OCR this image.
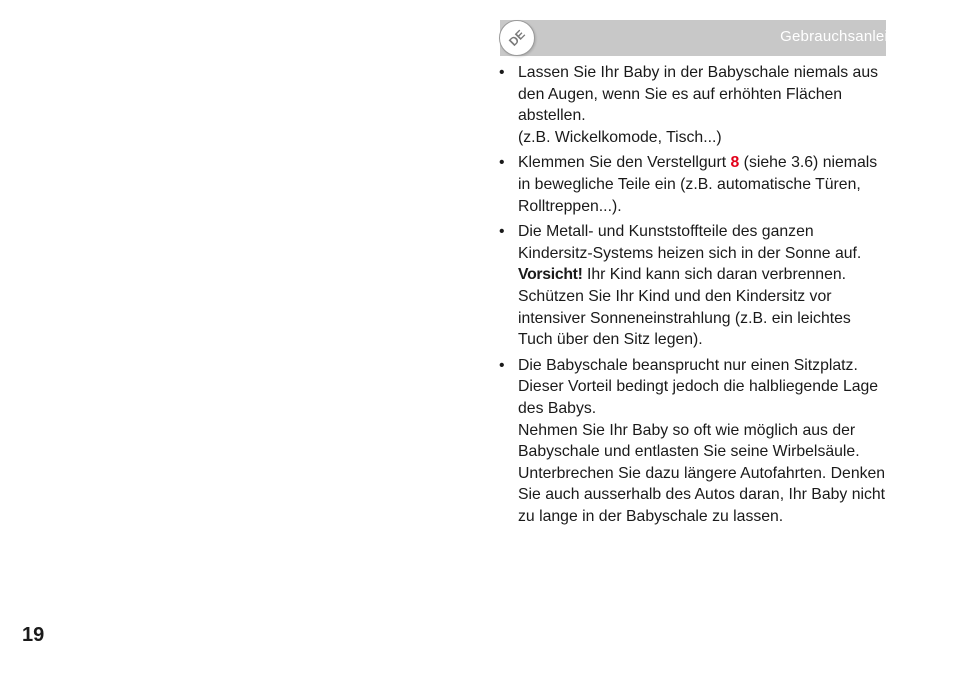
DE	Gebrauchsanleitung
• Lassen Sie Ihr Baby in der Babyschale niemals aus den Augen, wenn Sie es auf erhöhten Flächen abstellen.
(z.B. Wickelkomode, Tisch...)
• Klemmen Sie den Verstellgurt 8 (siehe 3.6) niemals in bewegliche Teile ein (z.B. automatische Türen, Rolltreppen...).
• Die Metall- und Kunststoffteile des ganzen Kindersitz-Systems heizen sich in der Sonne auf. Vorsicht! Ihr Kind kann sich daran verbrennen. Schützen Sie Ihr Kind und den Kindersitz vor intensiver Sonneneinstrahlung (z.B. ein leichtes Tuch über den Sitz legen).
• Die Babyschale beansprucht nur einen Sitzplatz. Dieser Vorteil bedingt jedoch die halbliegende Lage des Babys.
Nehmen Sie Ihr Baby so oft wie möglich aus der Babyschale und entlasten Sie seine Wirbelsäule. Unterbrechen Sie dazu längere Autofahrten. Denken Sie auch ausserhalb des Autos daran, Ihr Baby nicht zu lange in der Babyschale zu lassen.
19
